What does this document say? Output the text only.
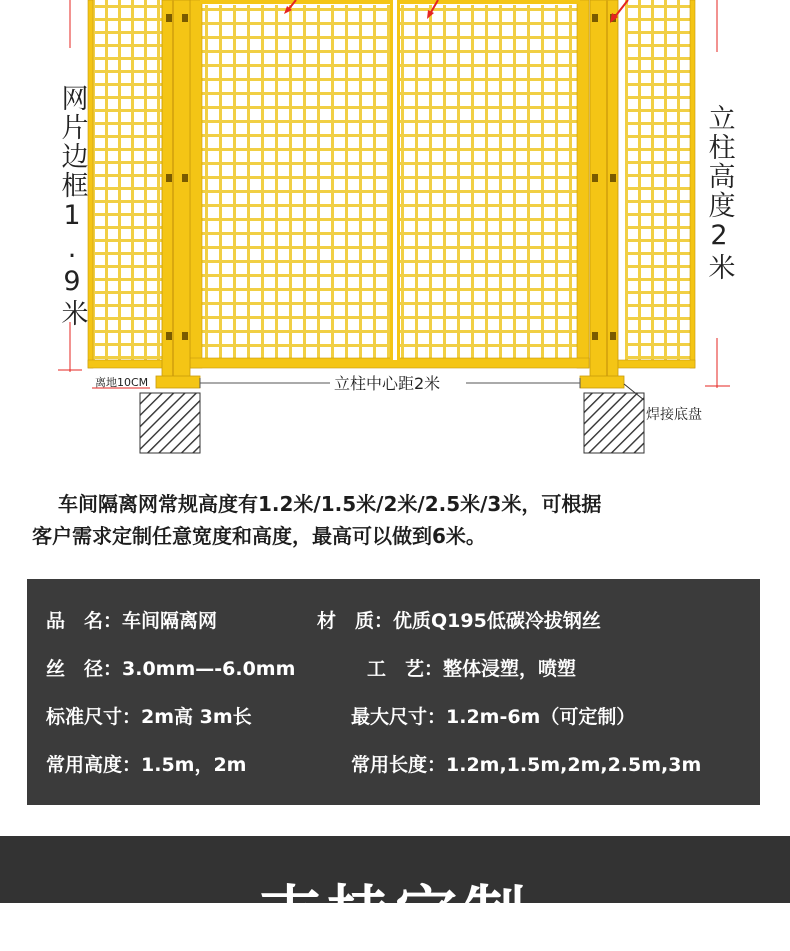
网片边框1.9米	立柱高度2米
离地10CM	立柱中心距2米
焊接底盘
车间隔离网常规高度有1.2米/1.5米/2米/2.5米/3米，可根据
客户需求定制任意宽度和高度，最高可以做到6米。
品　名：车间隔离网	材　质：优质Q195低碳冷拔钢丝
丝　径：3.0mm—-6.0mm	工　艺：整体浸塑，喷塑
标准尺寸：2m高 3m长	最大尺寸：1.2m-6m（可定制）
常用高度：1.5m，2m	常用长度：1.2m,1.5m,2m,2.5m,3m
支持定制
